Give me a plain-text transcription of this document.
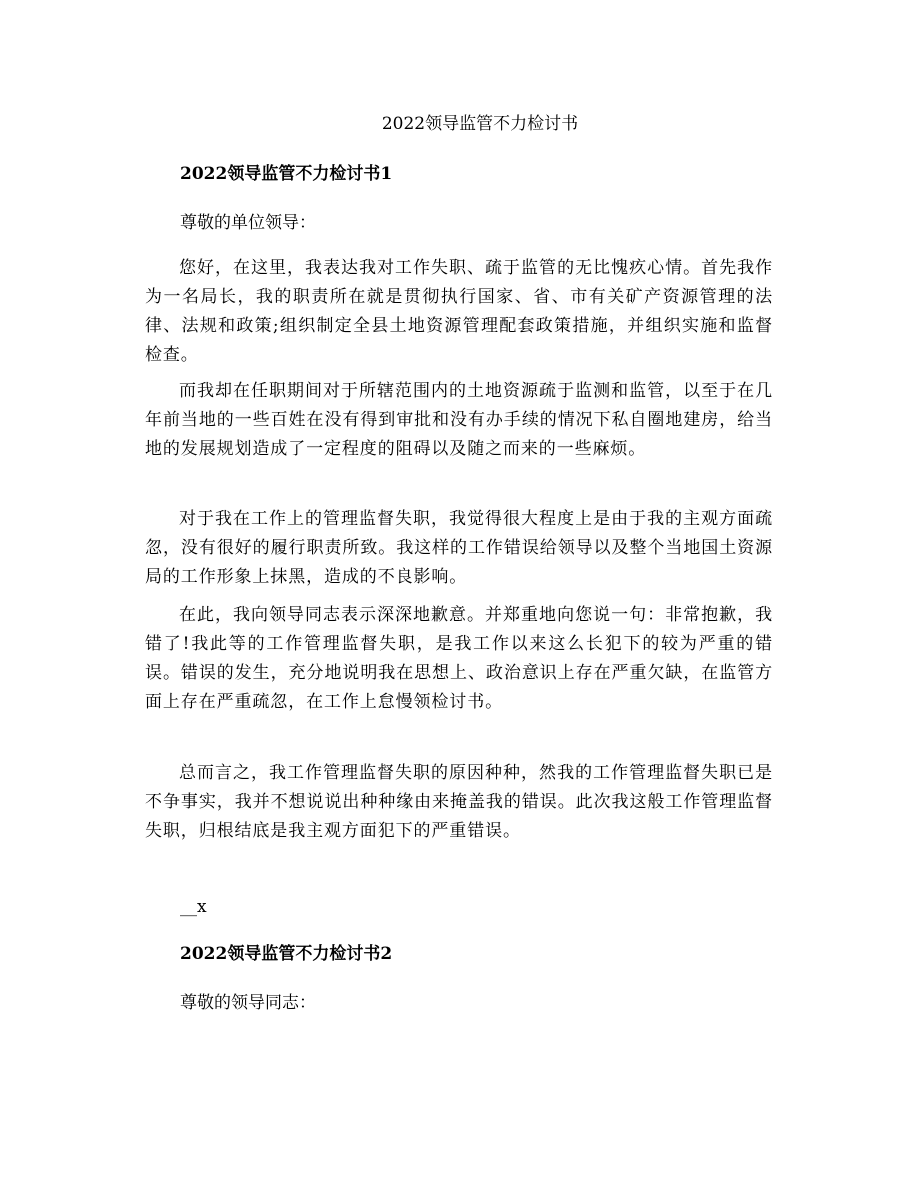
2022领导监管不力检讨书
2022领导监管不力检讨书1
尊敬的单位领导：

您好，在这里，我表达我对工作失职、疏于监管的无比愧疚心情。首先我作为一名局长，我的职责所在就是贯彻执行国家、省、市有关矿产资源管理的法律、法规和政策;组织制定全县土地资源管理配套政策措施，并组织实施和监督检查。

而我却在任职期间对于所辖范围内的土地资源疏于监测和监管，以至于在几年前当地的一些百姓在没有得到审批和没有办手续的情况下私自圈地建房，给当地的发展规划造成了一定程度的阻碍以及随之而来的一些麻烦。

对于我在工作上的管理监督失职，我觉得很大程度上是由于我的主观方面疏忽，没有很好的履行职责所致。我这样的工作错误给领导以及整个当地国土资源局的工作形象上抹黑，造成的不良影响。

在此，我向领导同志表示深深地歉意。并郑重地向您说一句：非常抱歉，我错了!我此等的工作管理监督失职，是我工作以来这么长犯下的较为严重的错误。错误的发生，充分地说明我在思想上、政治意识上存在严重欠缺，在监管方面上存在严重疏忽，在工作上怠慢领检讨书。

总而言之，我工作管理监督失职的原因种种，然我的工作管理监督失职已是不争事实，我并不想说说出种种缘由来掩盖我的错误。此次我这般工作管理监督失职，归根结底是我主观方面犯下的严重错误。

__x
2022领导监管不力检讨书2
尊敬的领导同志：
